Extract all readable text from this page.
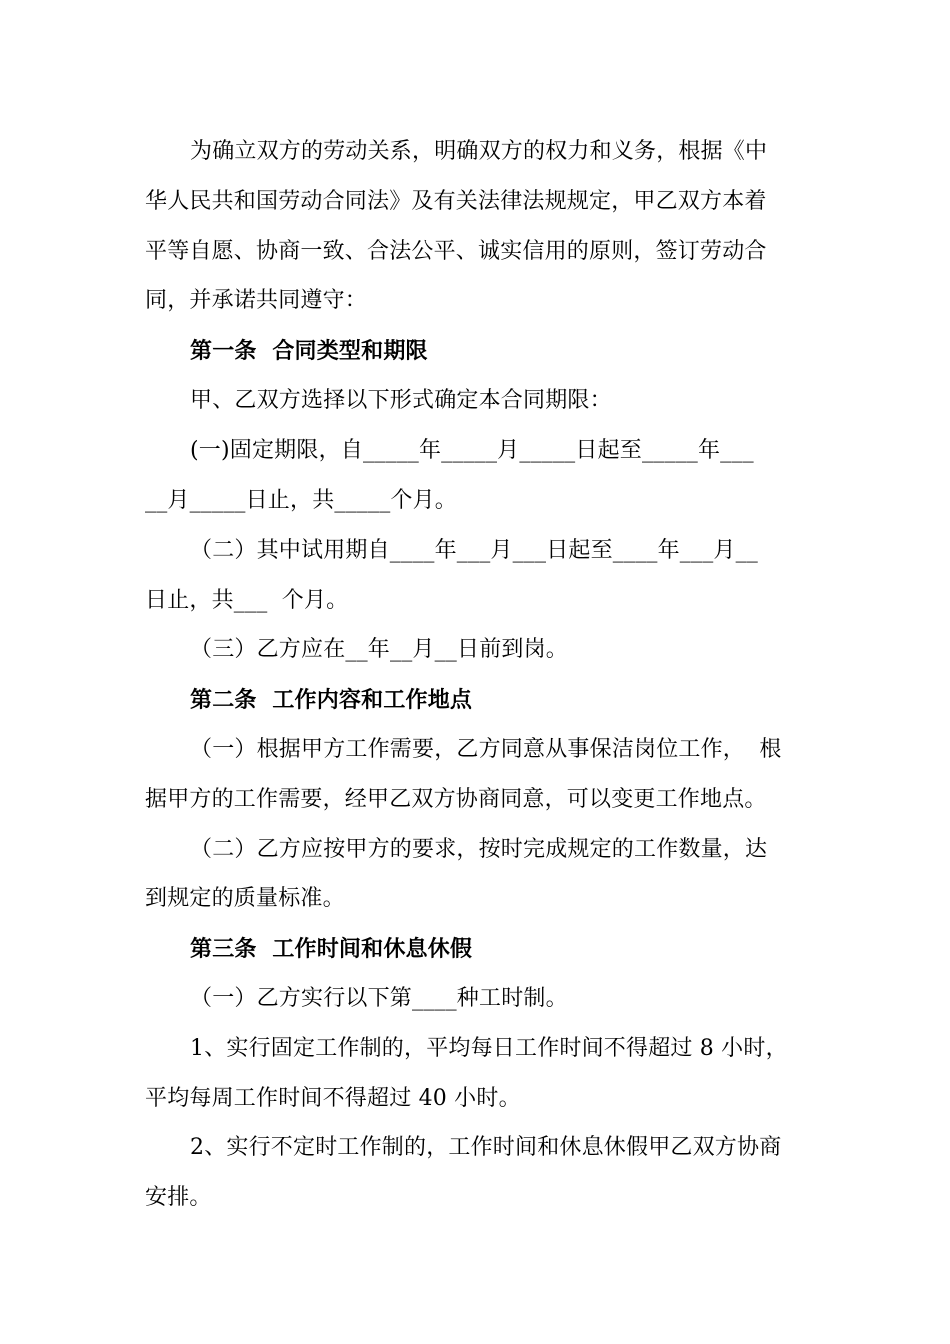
为确立双方的劳动关系，明确双方的权力和义务，根据《中
华人民共和国劳动合同法》及有关法律法规规定，甲乙双方本着
平等自愿、协商一致、合法公平、诚实信用的原则，签订劳动合
同，并承诺共同遵守：
第一条  合同类型和期限
甲、乙双方选择以下形式确定本合同期限：
(一)固定期限，自_____年_____月_____日起至_____年___
__月_____日止，共_____个月。
（二）其中试用期自____年___月___日起至____年___月__
日止，共___  个月。
（三）乙方应在__年__月__日前到岗。
第二条  工作内容和工作地点
（一）根据甲方工作需要，乙方同意从事保洁岗位工作，  根
据甲方的工作需要，经甲乙双方协商同意，可以变更工作地点。
（二）乙方应按甲方的要求，按时完成规定的工作数量，达
到规定的质量标准。
第三条  工作时间和休息休假
（一）乙方实行以下第____种工时制。
1、实行固定工作制的，平均每日工作时间不得超过 8 小时，
平均每周工作时间不得超过 40 小时。
2、实行不定时工作制的，工作时间和休息休假甲乙双方协商
安排。
